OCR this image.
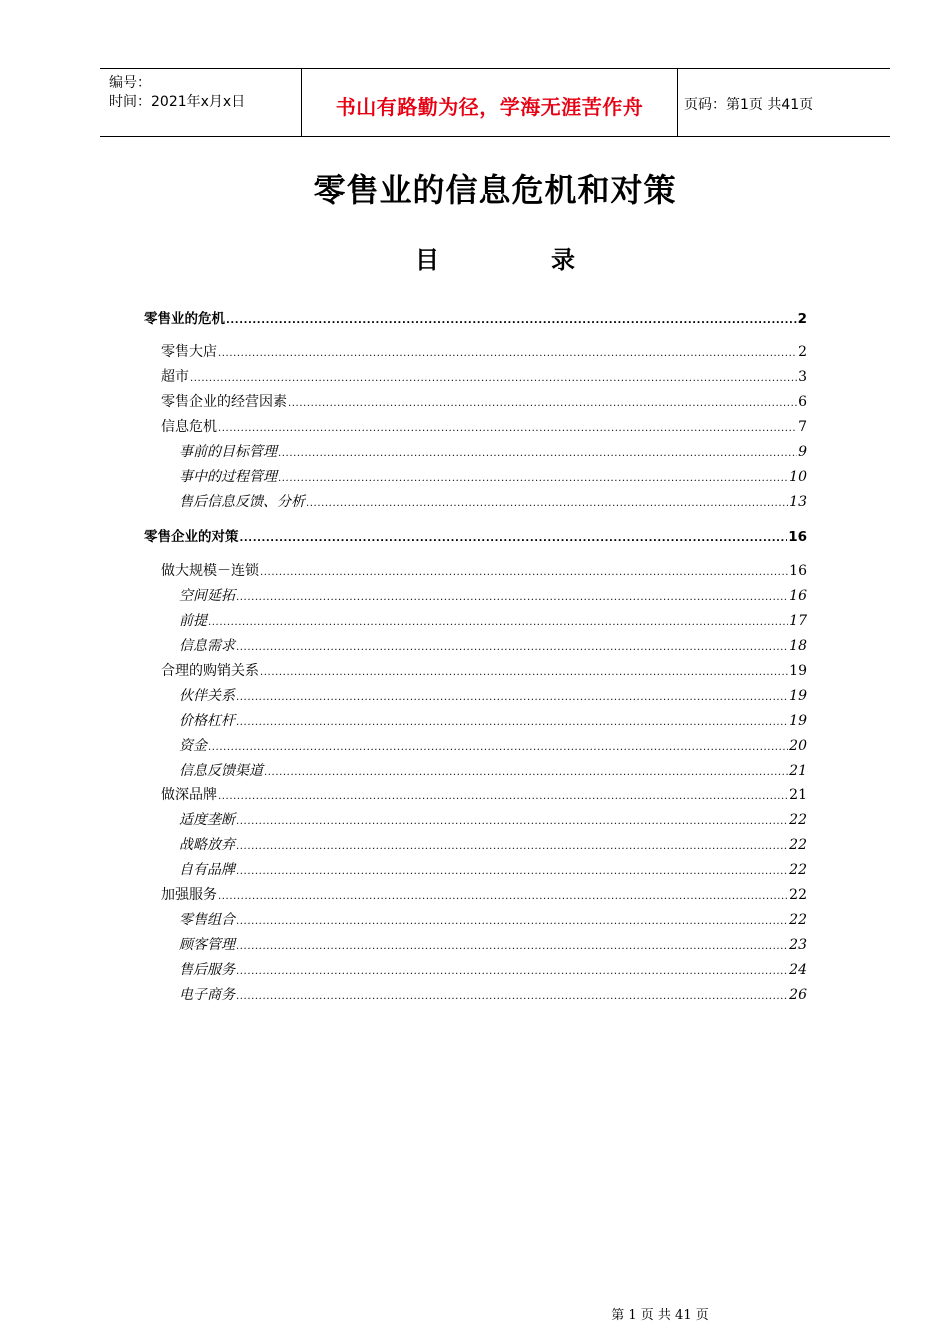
编号：
时间：2021年x月x日	书山有路勤为径，学海无涯苦作舟	页码：第1页 共41页
零售业的信息危机和对策
目　录
零售业的危机 .....	2
零售大店 .....	2
超市 .....	3
零售企业的经营因素 .....	6
信息危机 .....	7
事前的目标管理 .....	9
事中的过程管理 .....	10
售后信息反馈、分析 .....	13
零售企业的对策 .....	16
做大规模－连锁 .....	16
空间延拓 .....	16
前提 .....	17
信息需求 .....	18
合理的购销关系 .....	19
伙伴关系 .....	19
价格杠杆 .....	19
资金 .....	20
信息反馈渠道 .....	21
做深品牌 .....	21
适度垄断 .....	22
战略放弃 .....	22
自有品牌 .....	22
加强服务 .....	22
零售组合 .....	22
顾客管理 .....	23
售后服务 .....	24
电子商务 .....	26
第 1 页 共 41 页
